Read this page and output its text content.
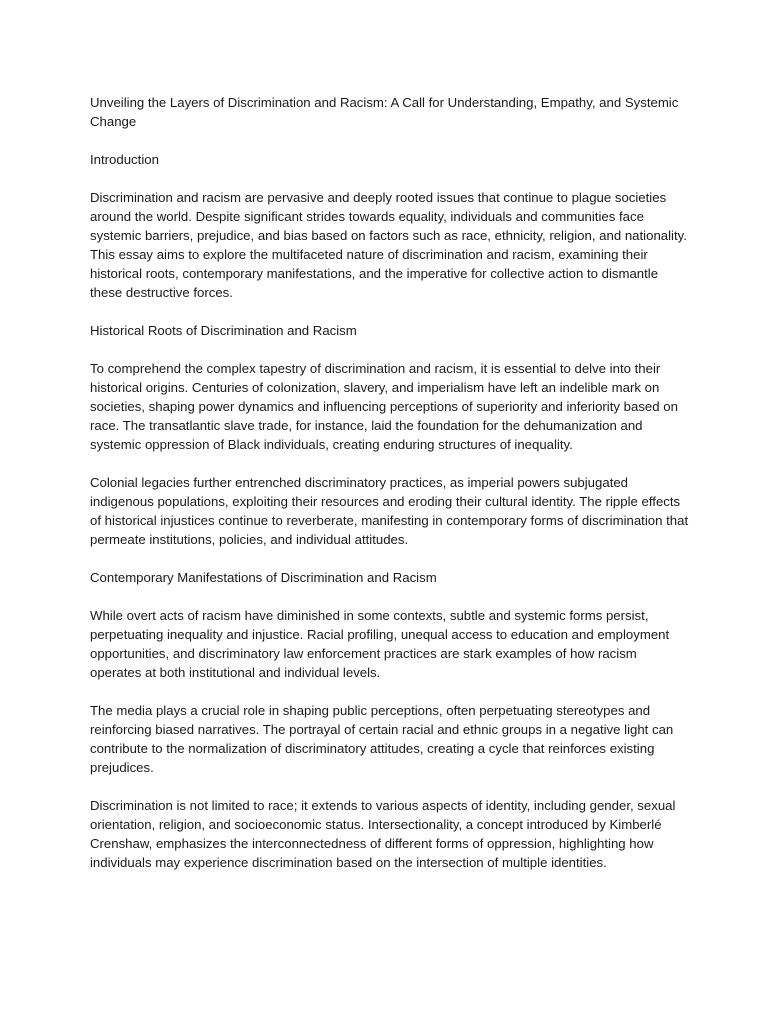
Unveiling the Layers of Discrimination and Racism: A Call for Understanding, Empathy, and Systemic Change

Introduction

Discrimination and racism are pervasive and deeply rooted issues that continue to plague societies around the world. Despite significant strides towards equality, individuals and communities face systemic barriers, prejudice, and bias based on factors such as race, ethnicity, religion, and nationality. This essay aims to explore the multifaceted nature of discrimination and racism, examining their historical roots, contemporary manifestations, and the imperative for collective action to dismantle these destructive forces.

Historical Roots of Discrimination and Racism

To comprehend the complex tapestry of discrimination and racism, it is essential to delve into their historical origins. Centuries of colonization, slavery, and imperialism have left an indelible mark on societies, shaping power dynamics and influencing perceptions of superiority and inferiority based on race. The transatlantic slave trade, for instance, laid the foundation for the dehumanization and systemic oppression of Black individuals, creating enduring structures of inequality.

Colonial legacies further entrenched discriminatory practices, as imperial powers subjugated indigenous populations, exploiting their resources and eroding their cultural identity. The ripple effects of historical injustices continue to reverberate, manifesting in contemporary forms of discrimination that permeate institutions, policies, and individual attitudes.

Contemporary Manifestations of Discrimination and Racism

While overt acts of racism have diminished in some contexts, subtle and systemic forms persist, perpetuating inequality and injustice. Racial profiling, unequal access to education and employment opportunities, and discriminatory law enforcement practices are stark examples of how racism operates at both institutional and individual levels.

The media plays a crucial role in shaping public perceptions, often perpetuating stereotypes and reinforcing biased narratives. The portrayal of certain racial and ethnic groups in a negative light can contribute to the normalization of discriminatory attitudes, creating a cycle that reinforces existing prejudices.

Discrimination is not limited to race; it extends to various aspects of identity, including gender, sexual orientation, religion, and socioeconomic status. Intersectionality, a concept introduced by Kimberlé Crenshaw, emphasizes the interconnectedness of different forms of oppression, highlighting how individuals may experience discrimination based on the intersection of multiple identities.
